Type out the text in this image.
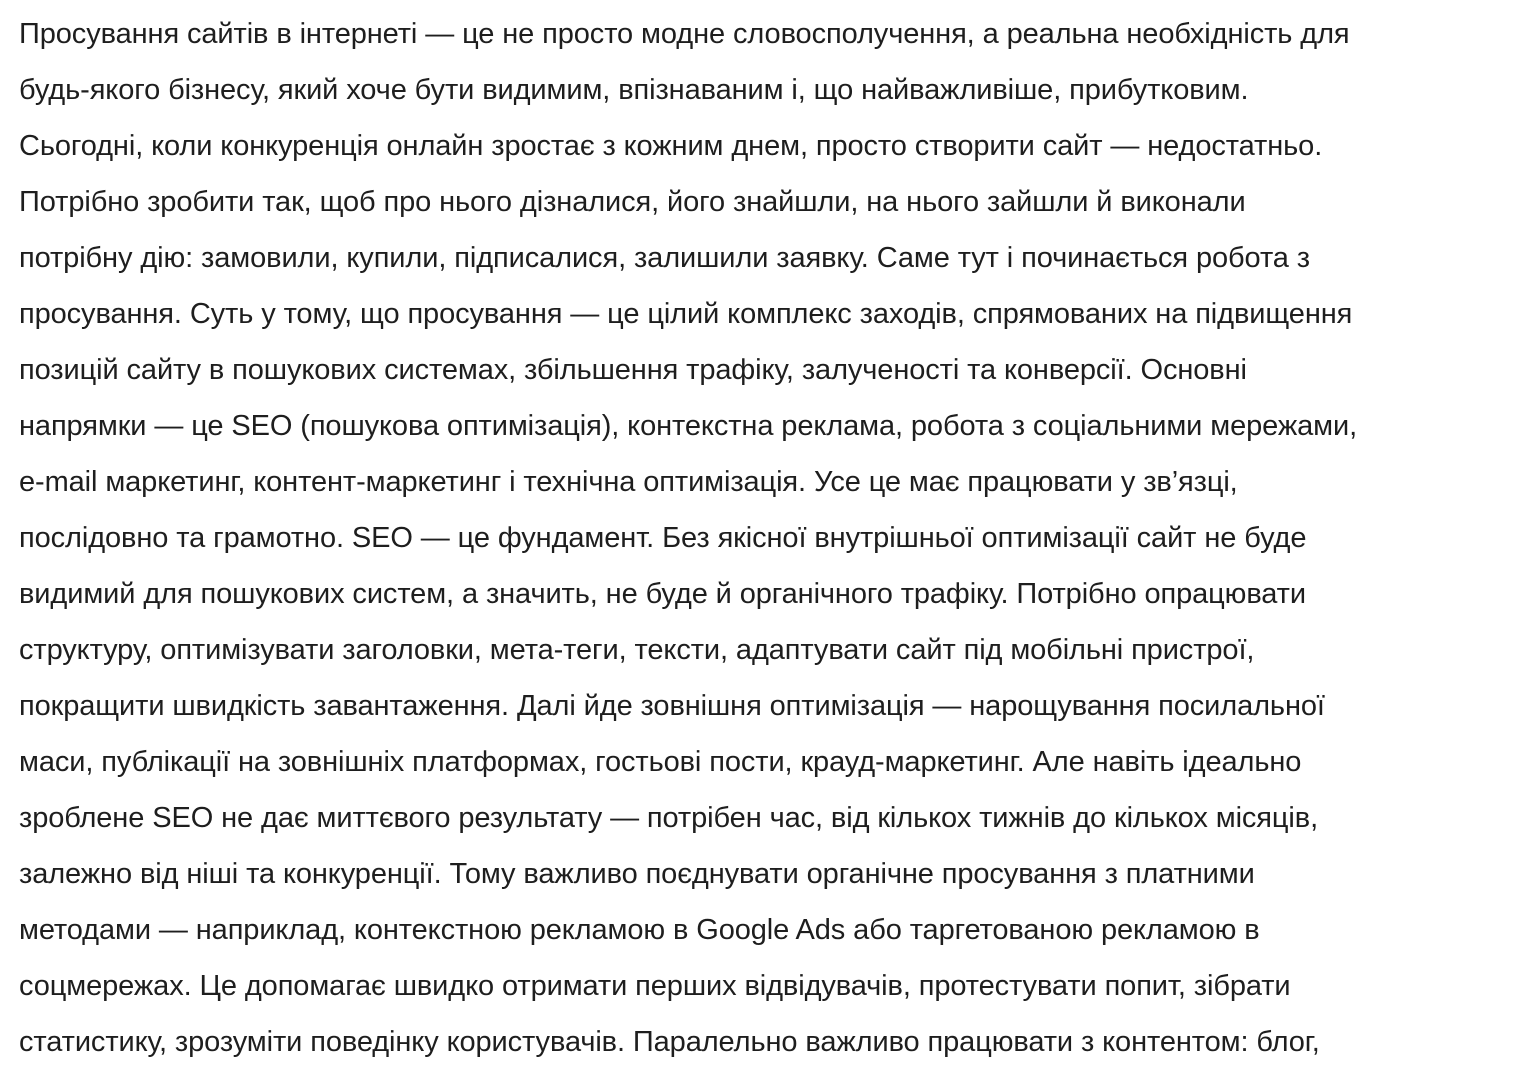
Просування сайтів в інтернеті — це не просто модне словосполучення, а реальна необхідність для
будь-якого бізнесу, який хоче бути видимим, впізнаваним і, що найважливіше, прибутковим.
Сьогодні, коли конкуренція онлайн зростає з кожним днем, просто створити сайт — недостатньо.
Потрібно зробити так, щоб про нього дізналися, його знайшли, на нього зайшли й виконали
потрібну дію: замовили, купили, підписалися, залишили заявку. Саме тут і починається робота з
просування. Суть у тому, що просування — це цілий комплекс заходів, спрямованих на підвищення
позицій сайту в пошукових системах, збільшення трафіку, залученості та конверсії. Основні
напрямки — це SEO (пошукова оптимізація), контекстна реклама, робота з соціальними мережами,
e-mail маркетинг, контент-маркетинг і технічна оптимізація. Усе це має працювати у зв’язці,
послідовно та грамотно. SEO — це фундамент. Без якісної внутрішньої оптимізації сайт не буде
видимий для пошукових систем, а значить, не буде й органічного трафіку. Потрібно опрацювати
структуру, оптимізувати заголовки, мета-теги, тексти, адаптувати сайт під мобільні пристрої,
покращити швидкість завантаження. Далі йде зовнішня оптимізація — нарощування посилальної
маси, публікації на зовнішніх платформах, гостьові пости, крауд-маркетинг. Але навіть ідеально
зроблене SEO не дає миттєвого результату — потрібен час, від кількох тижнів до кількох місяців,
залежно від ніші та конкуренції. Тому важливо поєднувати органічне просування з платними
методами — наприклад, контекстною рекламою в Google Ads або таргетованою рекламою в
соцмережах. Це допомагає швидко отримати перших відвідувачів, протестувати попит, зібрати
статистику, зрозуміти поведінку користувачів. Паралельно важливо працювати з контентом: блог,
